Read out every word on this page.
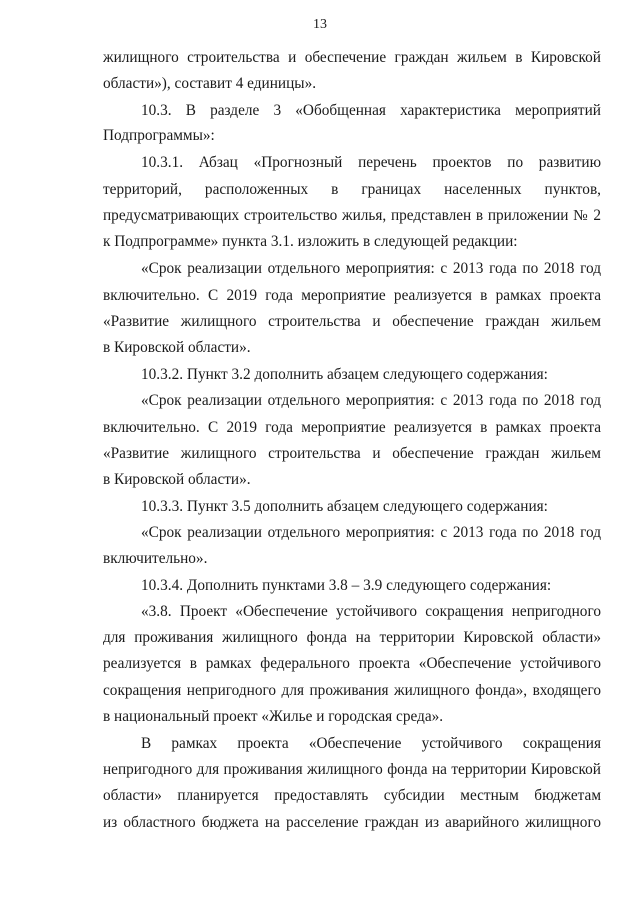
13
жилищного строительства и обеспечение граждан жильем в Кировской
области»), составит 4 единицы».
10.3. В разделе 3 «Обобщенная характеристика мероприятий
Подпрограммы»:
10.3.1. Абзац «Прогнозный перечень проектов по развитию
территорий, расположенных в границах населенных пунктов,
предусматривающих строительство жилья, представлен в приложении № 2
к Подпрограмме» пункта 3.1. изложить в следующей редакции:
«Срок реализации отдельного мероприятия: с 2013 года по 2018 год
включительно. С 2019 года мероприятие реализуется в рамках проекта
«Развитие жилищного строительства и обеспечение граждан жильем
в Кировской области».
10.3.2. Пункт 3.2 дополнить абзацем следующего содержания:
«Срок реализации отдельного мероприятия: с 2013 года по 2018 год
включительно. С 2019 года мероприятие реализуется в рамках проекта
«Развитие жилищного строительства и обеспечение граждан жильем
в Кировской области».
10.3.3. Пункт 3.5 дополнить абзацем следующего содержания:
«Срок реализации отдельного мероприятия: с 2013 года по 2018 год
включительно».
10.3.4. Дополнить пунктами 3.8 – 3.9 следующего содержания:
«3.8. Проект «Обеспечение устойчивого сокращения непригодного
для проживания жилищного фонда на территории Кировской области»
реализуется в рамках федерального проекта «Обеспечение устойчивого
сокращения непригодного для проживания жилищного фонда», входящего
в национальный проект «Жилье и городская среда».
В рамках проекта «Обеспечение устойчивого сокращения
непригодного для проживания жилищного фонда на территории Кировской
области» планируется предоставлять субсидии местным бюджетам
из областного бюджета на расселение граждан из аварийного жилищного
